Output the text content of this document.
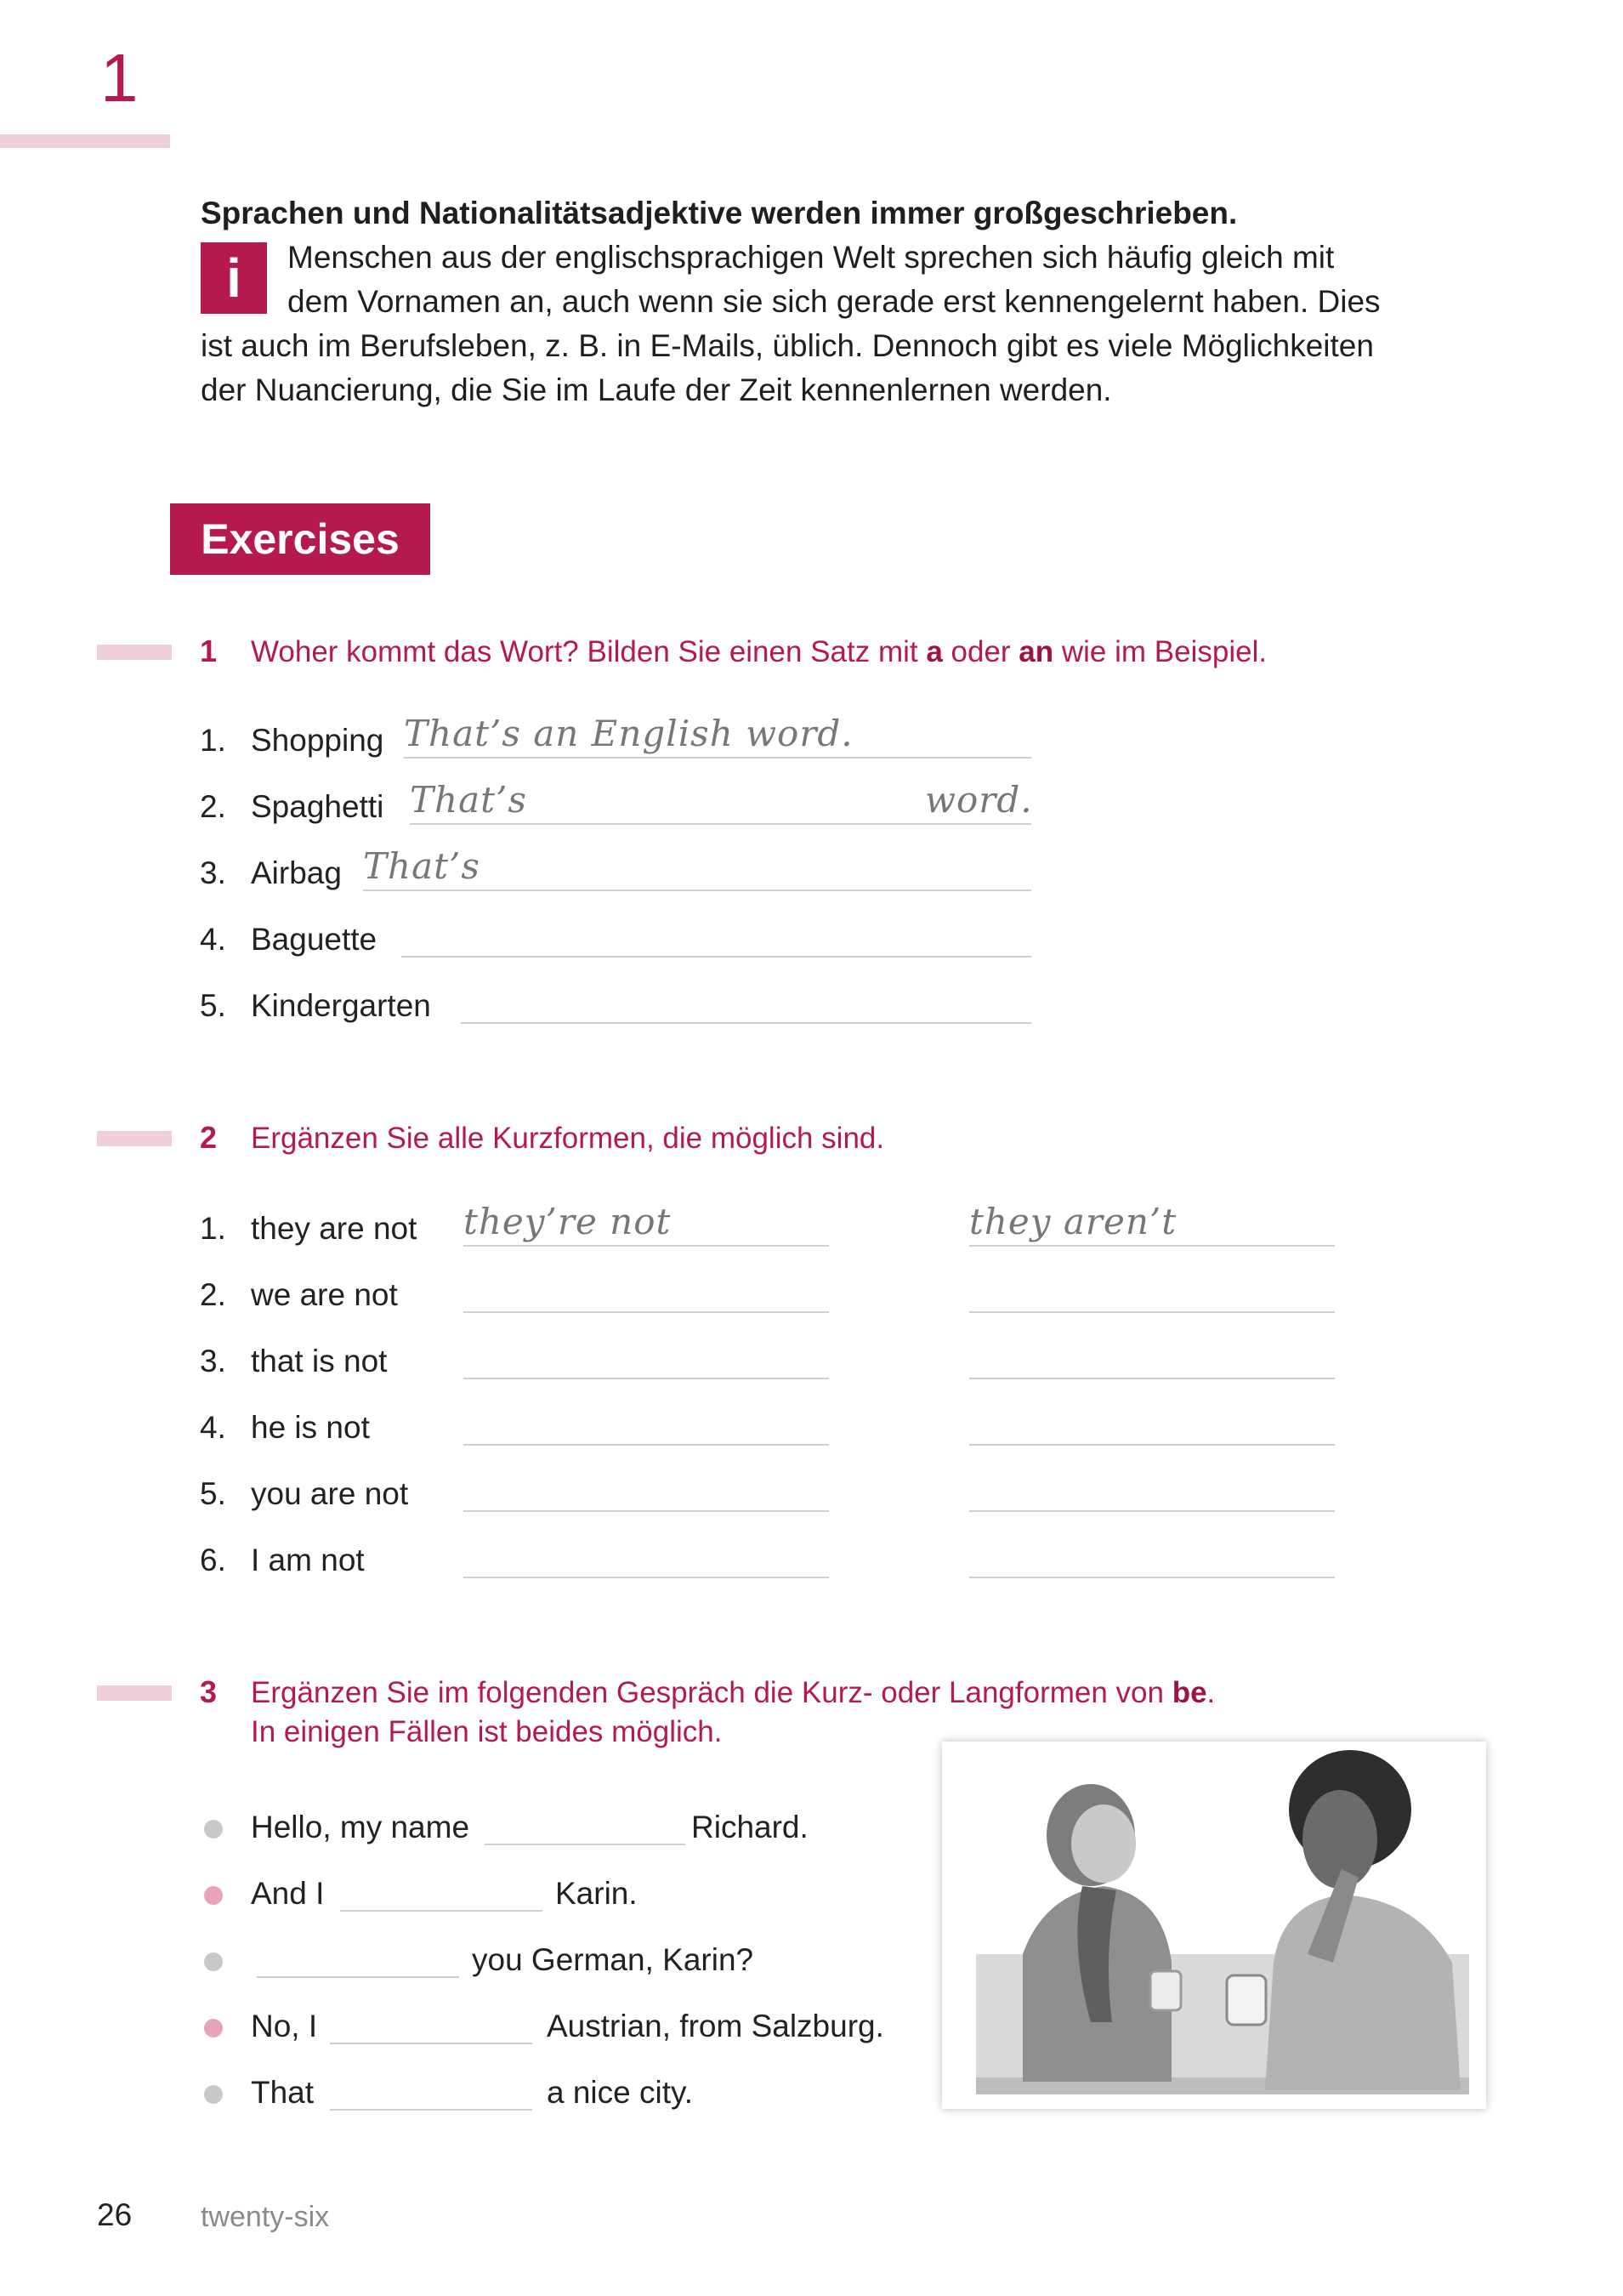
1

Sprachen und Nationalitätsadjektive werden immer großgeschrieben.

Menschen aus der englischsprachigen Welt sprechen sich häufig gleich mit

dem Vornamen an, auch wenn sie sich gerade erst kennengelernt haben. Dies

ist auch im Berufsleben, z. B. in E-Mails, üblich. Dennoch gibt es viele Möglichkeiten

der Nuancierung, die Sie im Laufe der Zeit kennenlernen werden.

i
Exercises
1 Woher kommt das Wort? Bilden Sie einen Satz mit a oder an wie im Beispiel.
1. Shopping That’s an English word.
2. Spaghetti That’s	word.
3. Airbag That’s
4. Baguette
5. Kindergarten
2 Ergänzen Sie alle Kurzformen, die möglich sind.
1. they are not they’re not	they aren’t
2. we are not
3. that is not
4. he is not
5. you are not
6. I am not
3 Ergänzen Sie im folgenden Gespräch die Kurz- oder Langformen von be.
In einigen Fällen ist beides möglich.
Hello, my name	Richard.
And I	Karin.
you German, Karin?
No, I	Austrian, from Salzburg.
That	a nice city.
26 twenty-six
